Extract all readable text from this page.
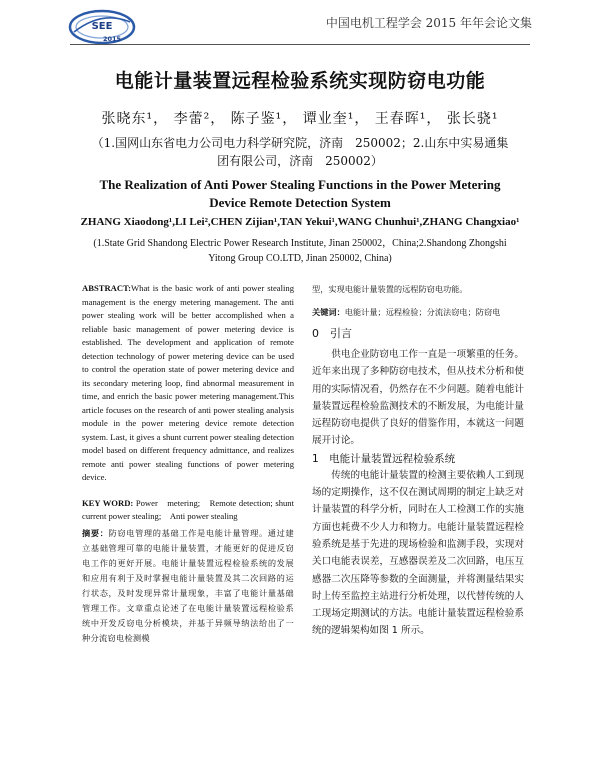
SEE
2015
中国电机工程学会 2015 年年会论文集
电能计量装置远程检验系统实现防窃电功能
张晓东¹， 李蕾²， 陈子鉴¹， 谭业奎¹， 王春晖¹， 张长骁¹
（1.国网山东省电力公司电力科学研究院，济南　250002；2.山东中实易通集团有限公司，济南　250002）
The Realization of Anti Power Stealing Functions in the Power Metering Device Remote Detection System
ZHANG Xiaodong¹,LI Lei²,CHEN Zijian¹,TAN Yekui¹,WANG Chunhui¹,ZHANG Changxiao¹
(1.State Grid Shandong Electric Power Research Institute, Jinan 250002，China;2.Shandong Zhongshi Yitong Group CO.LTD, Jinan 250002, China)

ABSTRACT:What is the basic work of anti power stealing management is the energy metering management. The anti power stealing work will be better accomplished when a reliable basic management of power metering device is established. The development and application of remote detection technology of power metering device can be used to control the operation state of power metering device and its secondary metering loop, find abnormal measurement in time, and enrich the basic power metering management.This article focuses on the research of anti power stealing analysis module in the power metering device remote detection system. Last, it gives a shunt current power stealing detection model based on different frequency admittance, and realizes remote anti power stealing functions of power metering device.

KEY WORD: Power　metering;　Remote detection; shunt current power stealing;　Anti power stealing

摘要：防窃电管理的基础工作是电能计量管理。通过建立基础管理可靠的电能计量装置，才能更好的促进反窃电工作的更好开展。电能计量装置远程检验系统的发展和应用有利于及时掌握电能计量装置及其二次回路的运行状态，及时发现异常计量现象，丰富了电能计量基础管理工作。文章重点论述了在电能计量装置远程检验系统中开发反窃电分析模块，并基于异频导纳法给出了一种分流窃电检测模

型，实现电能计量装置的远程防窃电功能。

关键词：电能计量；远程检验；分流法窃电；防窃电

0　引言

供电企业防窃电工作一直是一项繁重的任务。近年来出现了多种防窃电技术，但从技术分析和使用的实际情况看，仍然存在不少问题。随着电能计量装置远程检验监测技术的不断发展，为电能计量远程防窃电提供了良好的借鉴作用，本就这一问题展开讨论。

1　电能计量装置远程检验系统

传统的电能计量装置的检测主要依赖人工到现场的定期操作，这不仅在测试周期的制定上缺乏对计量装置的科学分析，同时在人工检测工作的实施方面也耗费不少人力和物力。电能计量装置远程检验系统是基于先进的现场检验和监测手段，实现对关口电能表误差，互感器误差及二次回路，电压互感器二次压降等参数的全面测量，并将测量结果实时上传至监控主站进行分析处理，以代替传统的人工现场定期测试的方法。电能计量装置远程检验系统的逻辑架构如图 1 所示。
